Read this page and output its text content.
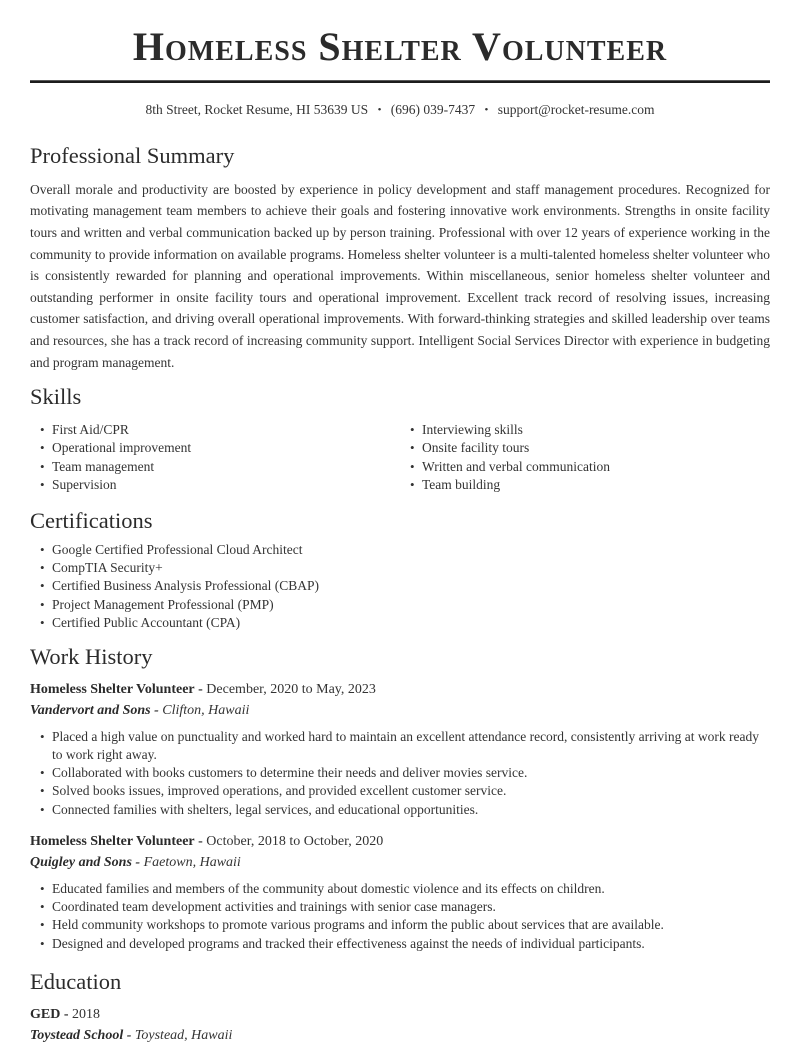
Homeless Shelter Volunteer

8th Street, Rocket Resume, HI 53639 US • (696) 039-7437 • support@rocket-resume.com

Professional Summary

Overall morale and productivity are boosted by experience in policy development and staff management procedures. Recognized for motivating management team members to achieve their goals and fostering innovative work environments. Strengths in onsite facility tours and written and verbal communication backed up by person training. Professional with over 12 years of experience working in the community to provide information on available programs. Homeless shelter volunteer is a multi-talented homeless shelter volunteer who is consistently rewarded for planning and operational improvements. Within miscellaneous, senior homeless shelter volunteer and outstanding performer in onsite facility tours and operational improvement. Excellent track record of resolving issues, increasing customer satisfaction, and driving overall operational improvements. With forward-thinking strategies and skilled leadership over teams and resources, she has a track record of increasing community support. Intelligent Social Services Director with experience in budgeting and program management.

Skills
• First Aid/CPR
• Operational improvement
• Team management
• Supervision
• Interviewing skills
• Onsite facility tours
• Written and verbal communication
• Team building
Certifications
• Google Certified Professional Cloud Architect
• CompTIA Security+
• Certified Business Analysis Professional (CBAP)
• Project Management Professional (PMP)
• Certified Public Accountant (CPA)
Work History

Homeless Shelter Volunteer - December, 2020 to May, 2023

Vandervort and Sons - Clifton, Hawaii

• Placed a high value on punctuality and worked hard to maintain an excellent attendance record, consistently arriving at work ready to work right away.
• Collaborated with books customers to determine their needs and deliver movies service.
• Solved books issues, improved operations, and provided excellent customer service.
• Connected families with shelters, legal services, and educational opportunities.

Homeless Shelter Volunteer - October, 2018 to October, 2020

Quigley and Sons - Faetown, Hawaii

• Educated families and members of the community about domestic violence and its effects on children.
• Coordinated team development activities and trainings with senior case managers.
• Held community workshops to promote various programs and inform the public about services that are available.
• Designed and developed programs and tracked their effectiveness against the needs of individual participants.
Education

GED - 2018

Toystead School - Toystead, Hawaii
